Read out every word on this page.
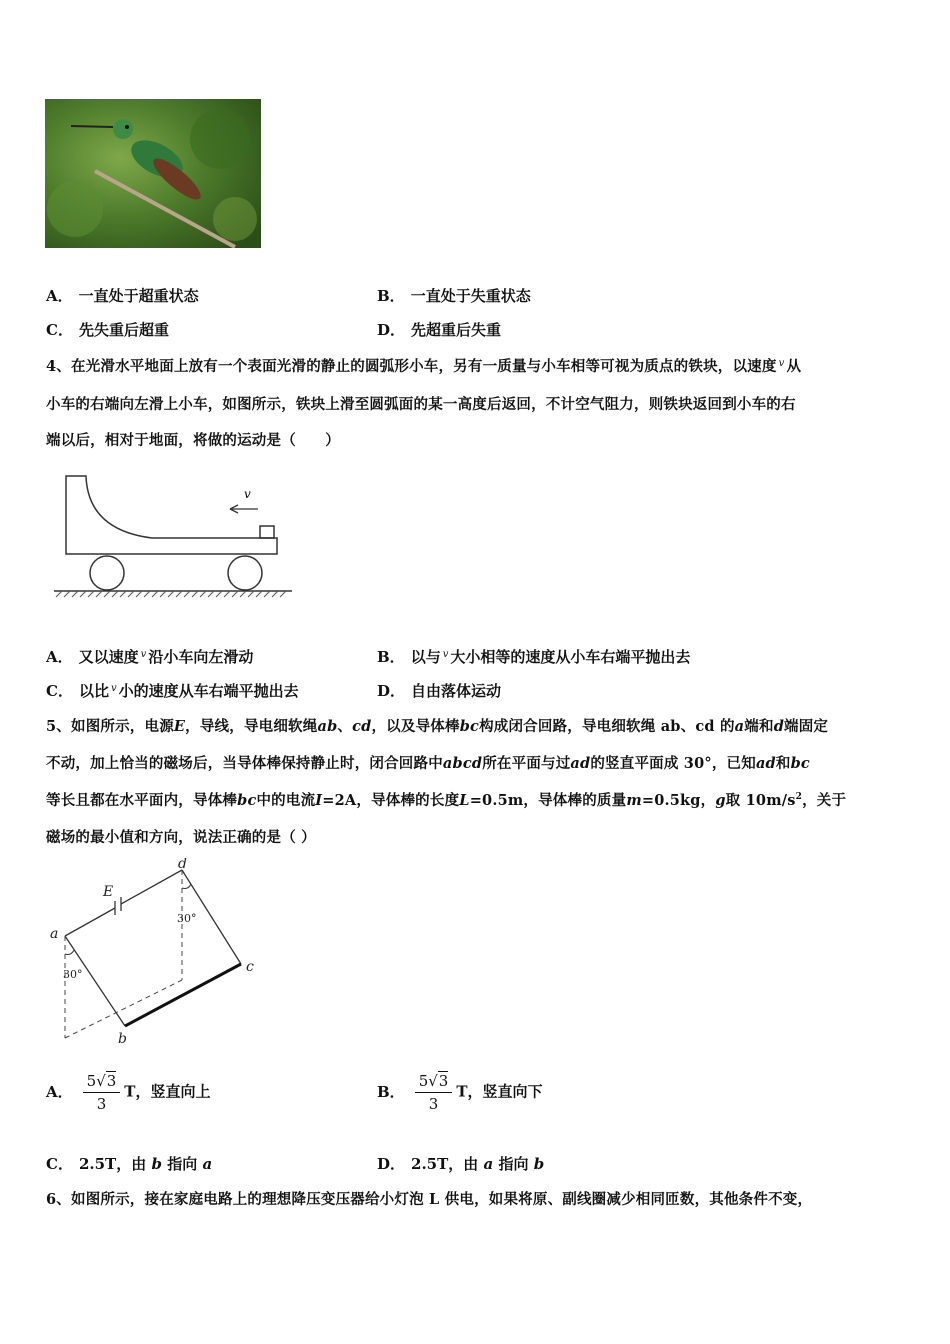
A． 一直处于超重状态	B． 一直处于失重状态
C． 先失重后超重	D． 先超重后失重
4、在光滑水平地面上放有一个表面光滑的静止的圆弧形小车，另有一质量与小车相等可视为质点的铁块，以速度 $^v$ 从
小车的右端向左滑上小车，如图所示，铁块上滑至圆弧面的某一高度后返回，不计空气阻力，则铁块返回到小车的右
端以后，相对于地面，将做的运动是（　　）
v
A． 又以速度 $^v$ 沿小车向左滑动	B． 以与 $^v$ 大小相等的速度从小车右端平抛出去
C． 以比 $^v$ 小的速度从车右端平抛出去	D． 自由落体运动
5、如图所示，电源E，导线，导电细软绳ab、cd，以及导体棒bc构成闭合回路，导电细软绳 ab、cd 的a端和d端固定
不动，加上恰当的磁场后，当导体棒保持静止时，闭合回路中abcd所在平面与过ad的竖直平面成 30°，已知ad和bc
等长且都在水平面内，导体棒bc中的电流I=2A，导体棒的长度L=0.5m，导体棒的质量m=0.5kg，g取 $10m/s^2$，关于
磁场的最小值和方向，说法正确的是（ ）
a
b
c
d
E
30°
30°
A． $\frac{5√3}{3}$ T，竖直向上	B． $\frac{5√3}{3}$ T，竖直向下
C． 2.5T，由 b 指向 a	D． 2.5T，由 a 指向 b
6、如图所示，接在家庭电路上的理想降压变压器给小灯泡 L 供电，如果将原、副线圈减少相同匝数，其他条件不变，
